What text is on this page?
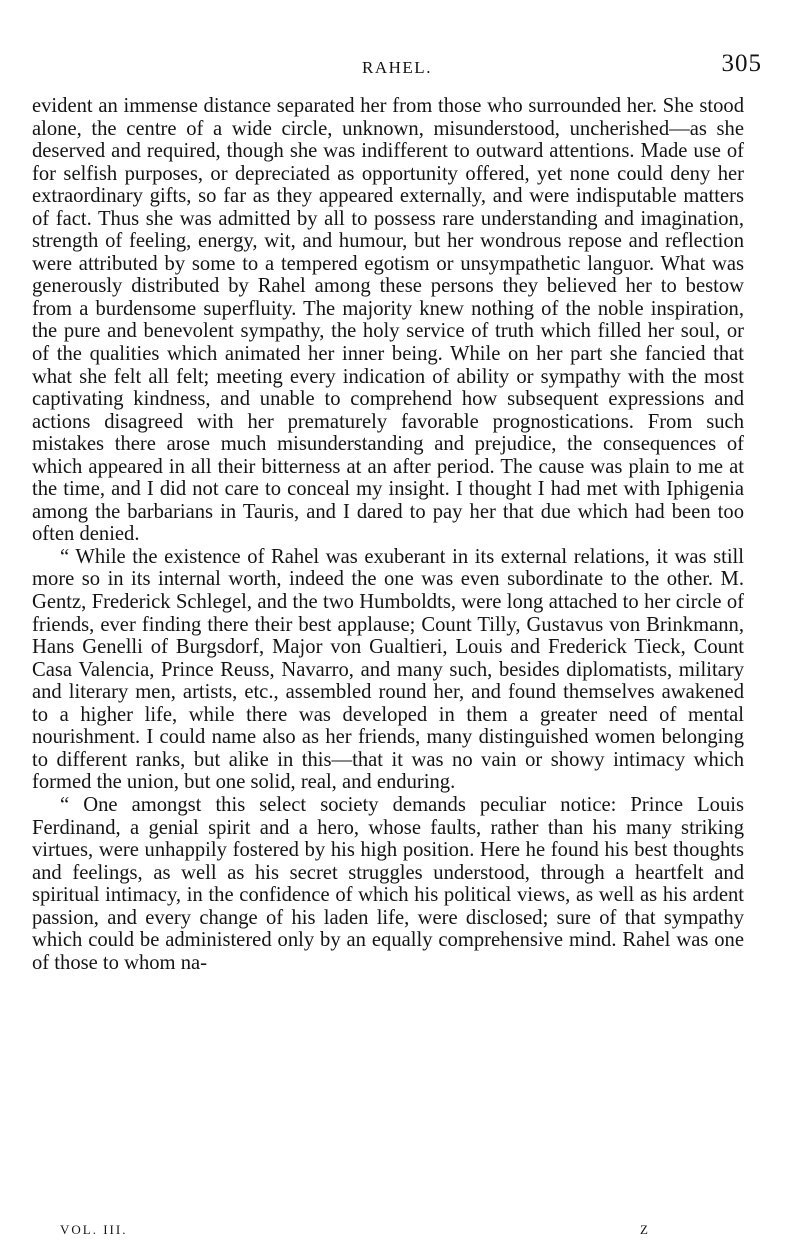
RAHEL.	305

evident an immense distance separated her from those who surrounded her. She stood alone, the centre of a wide circle, unknown, misunderstood, uncherished—as she deserved and required, though she was indifferent to outward attentions. Made use of for selfish purposes, or depreciated as opportunity offered, yet none could deny her extraordinary gifts, so far as they appeared externally, and were indisputable matters of fact. Thus she was admitted by all to possess rare understanding and imagination, strength of feeling, energy, wit, and humour, but her wondrous repose and reflection were attributed by some to a tempered egotism or unsympathetic languor. What was generously distributed by Rahel among these persons they believed her to bestow from a burdensome superfluity. The majority knew nothing of the noble inspiration, the pure and benevolent sympathy, the holy service of truth which filled her soul, or of the qualities which animated her inner being. While on her part she fancied that what she felt all felt; meeting every indication of ability or sympathy with the most captivating kindness, and unable to comprehend how subsequent expressions and actions disagreed with her prematurely favorable prognostications. From such mistakes there arose much misunderstanding and prejudice, the consequences of which appeared in all their bitterness at an after period. The cause was plain to me at the time, and I did not care to conceal my insight. I thought I had met with Iphigenia among the barbarians in Tauris, and I dared to pay her that due which had been too often denied.

“ While the existence of Rahel was exuberant in its external relations, it was still more so in its internal worth, indeed the one was even subordinate to the other. M. Gentz, Frederick Schlegel, and the two Humboldts, were long attached to her circle of friends, ever finding there their best applause; Count Tilly, Gustavus von Brinkmann, Hans Genelli of Burgsdorf, Major von Gualtieri, Louis and Frederick Tieck, Count Casa Valencia, Prince Reuss, Navarro, and many such, besides diplomatists, military and literary men, artists, etc., assembled round her, and found themselves awakened to a higher life, while there was developed in them a greater need of mental nourishment. I could name also as her friends, many distinguished women belonging to different ranks, but alike in this—that it was no vain or showy intimacy which formed the union, but one solid, real, and enduring.

“ One amongst this select society demands peculiar notice: Prince Louis Ferdinand, a genial spirit and a hero, whose faults, rather than his many striking virtues, were unhappily fostered by his high position. Here he found his best thoughts and feelings, as well as his secret struggles understood, through a heartfelt and spiritual intimacy, in the confidence of which his political views, as well as his ardent passion, and every change of his laden life, were disclosed; sure of that sympathy which could be administered only by an equally comprehensive mind. Rahel was one of those to whom na-

VOL. III.	Z
